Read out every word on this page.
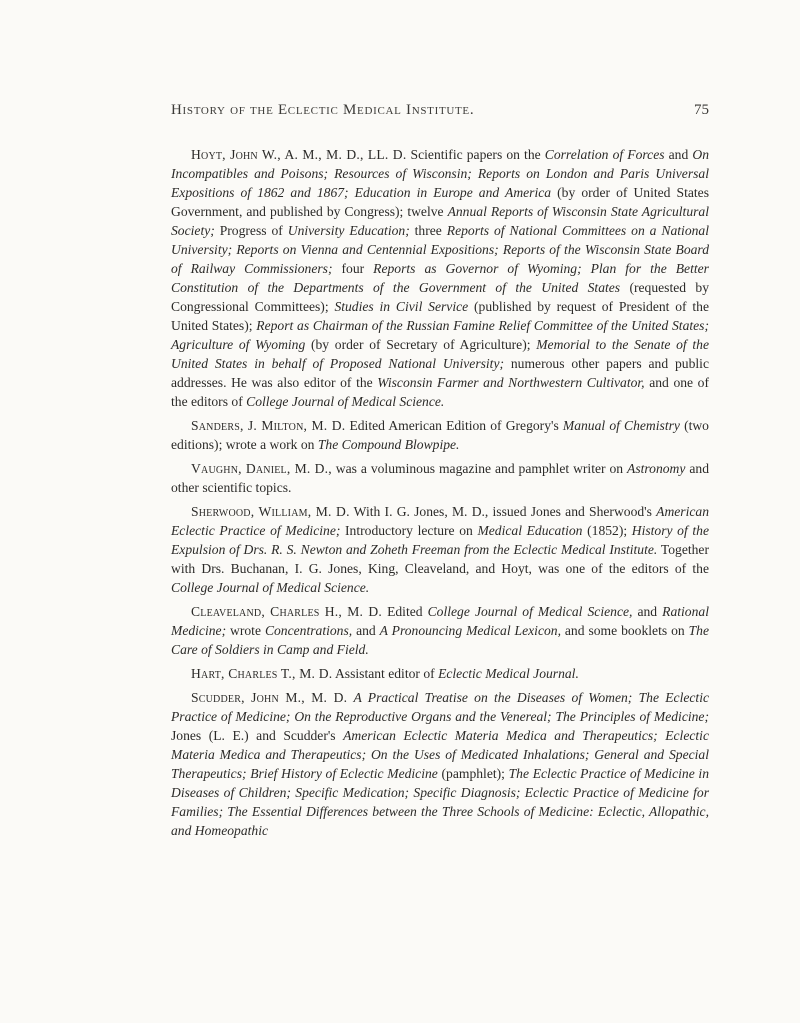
History of the Eclectic Medical Institute.	75

Hoyt, John W., A. M., M. D., LL. D. Scientific papers on the Correlation of Forces and On Incompatibles and Poisons; Resources of Wisconsin; Reports on London and Paris Universal Expositions of 1862 and 1867; Education in Europe and America (by order of United States Government, and published by Congress); twelve Annual Reports of Wisconsin State Agricultural Society; Progress of University Education; three Reports of National Committees on a National University; Reports on Vienna and Centennial Expositions; Reports of the Wisconsin State Board of Railway Commissioners; four Reports as Governor of Wyoming; Plan for the Better Constitution of the Departments of the Government of the United States (requested by Congressional Committees); Studies in Civil Service (published by request of President of the United States); Report as Chairman of the Russian Famine Relief Committee of the United States; Agriculture of Wyoming (by order of Secretary of Agriculture); Memorial to the Senate of the United States in behalf of Proposed National University; numerous other papers and public addresses. He was also editor of the Wisconsin Farmer and Northwestern Cultivator, and one of the editors of College Journal of Medical Science.

Sanders, J. Milton, M. D. Edited American Edition of Gregory's Manual of Chemistry (two editions); wrote a work on The Compound Blowpipe.

Vaughn, Daniel, M. D., was a voluminous magazine and pamphlet writer on Astronomy and other scientific topics.

Sherwood, William, M. D. With I. G. Jones, M. D., issued Jones and Sherwood's American Eclectic Practice of Medicine; Introductory lecture on Medical Education (1852); History of the Expulsion of Drs. R. S. Newton and Zoheth Freeman from the Eclectic Medical Institute. Together with Drs. Buchanan, I. G. Jones, King, Cleaveland, and Hoyt, was one of the editors of the College Journal of Medical Science.

Cleaveland, Charles H., M. D. Edited College Journal of Medical Science, and Rational Medicine; wrote Concentrations, and A Pronouncing Medical Lexicon, and some booklets on The Care of Soldiers in Camp and Field.

Hart, Charles T., M. D. Assistant editor of Eclectic Medical Journal.

Scudder, John M., M. D. A Practical Treatise on the Diseases of Women; The Eclectic Practice of Medicine; On the Reproductive Organs and the Venereal; The Principles of Medicine; Jones (L. E.) and Scudder's American Eclectic Materia Medica and Therapeutics; Eclectic Materia Medica and Therapeutics; On the Uses of Medicated Inhalations; General and Special Therapeutics; Brief History of Eclectic Medicine (pamphlet); The Eclectic Practice of Medicine in Diseases of Children; Specific Medication; Specific Diagnosis; Eclectic Practice of Medicine for Families; The Essential Differences between the Three Schools of Medicine: Eclectic, Allopathic, and Homeopathic
